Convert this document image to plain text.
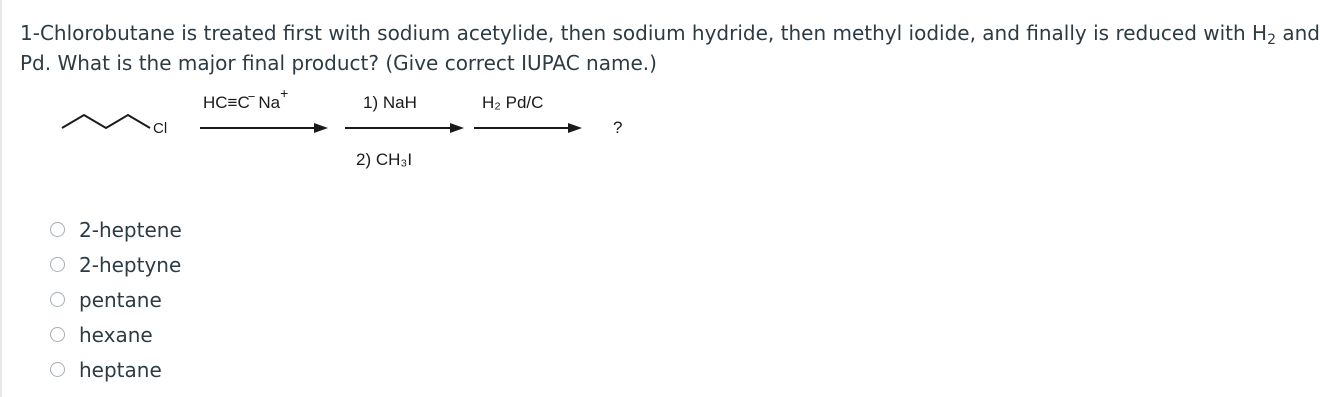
1-Chlorobutane is treated first with sodium acetylide, then sodium hydride, then methyl iodide, and finally is reduced with $H_2$ and
Pd. What is the major final product? (Give correct IUPAC name.)
Cl
HC≡C− Na+	1) NaH
2) CH₃I
H₂ Pd/C
?
2-heptene
2-heptyne
pentane
hexane
heptane
